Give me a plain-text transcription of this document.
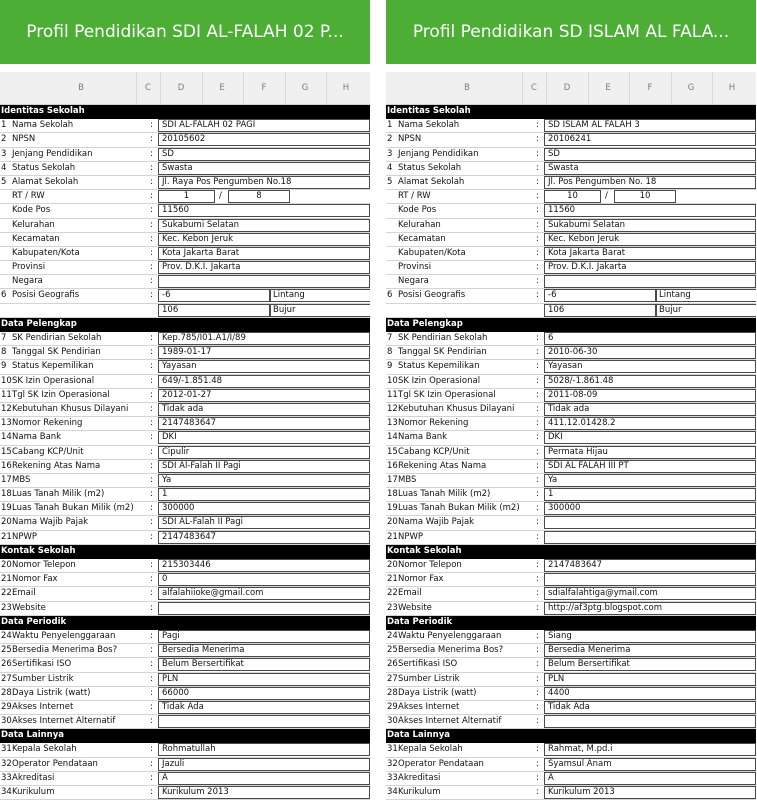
Profil Pendidikan SDI AL-FALAH 02 P...
B	C	D	E	F	G	H
Identitas Sekolah
1 Nama Sekolah	:	SDI AL-FALAH 02 PAGI
2 NPSN	:	20105602
3 Jenjang Pendidikan	:	SD
4 Status Sekolah	:	Swasta
5 Alamat Sekolah	:	Jl. Raya Pos Pengumben No.18
RT / RW	:	1	/	8
Kode Pos	:	11560
Kelurahan	:	Sukabumi Selatan
Kecamatan	:	Kec. Kebon Jeruk
Kabupaten/Kota	:	Kota Jakarta Barat
Provinsi	:	Prov. D.K.I. Jakarta
Negara	:
6 Posisi Geografis	:	-6	Lintang
106	Bujur
Data Pelengkap
7 SK Pendirian Sekolah	:	Kep.785/I01.A1/I/89
8 Tanggal SK Pendirian	:	1989-01-17
9 Status Kepemilikan	:	Yayasan
10 SK Izin Operasional	:	649/-1.851.48
11 Tgl SK Izin Operasional	:	2012-01-27
12 Kebutuhan Khusus Dilayani	:	Tidak ada
13 Nomor Rekening	:	2147483647
14 Nama Bank	:	DKI
15 Cabang KCP/Unit	:	Cipulir
16 Rekening Atas Nama	:	SDI Al-Falah II Pagi
17 MBS	:	Ya
18 Luas Tanah Milik (m2)	:	1
19 Luas Tanah Bukan Milik (m2) :	300000
20 Nama Wajib Pajak	:	SDI AL-Falah II Pagi
21 NPWP	:	2147483647
Kontak Sekolah
20 Nomor Telepon	:	215303446
21 Nomor Fax	:	0
22 Email	:	alfalahiioke@gmail.com
23 Website	:
Data Periodik
24 Waktu Penyelenggaraan	:	Pagi
25 Bersedia Menerima Bos?	:	Bersedia Menerima
26 Sertifikasi ISO	:	Belum Bersertifikat
27 Sumber Listrik	:	PLN
28 Daya Listrik (watt)	:	66000
29 Akses Internet	:	Tidak Ada
30 Akses Internet Alternatif	:
Data Lainnya
31 Kepala Sekolah	:	Rohmatullah
32 Operator Pendataan	:	Jazuli
33 Akreditasi	:	A
34 Kurikulum	:	Kurikulum 2013
Profil Pendidikan SD ISLAM AL FALA...
B	C	D	E	F	G	H
Identitas Sekolah
1 Nama Sekolah	:	SD ISLAM AL FALAH 3
2 NPSN	:	20106241
3 Jenjang Pendidikan	:	SD
4 Status Sekolah	:	Swasta
5 Alamat Sekolah	:	Jl. Pos Pengumben No. 18
RT / RW	:	10	/	10
Kode Pos	:	11560
Kelurahan	:	Sukabumi Selatan
Kecamatan	:	Kec. Kebon Jeruk
Kabupaten/Kota	:	Kota Jakarta Barat
Provinsi	:	Prov. D.K.I. Jakarta
Negara	:
6 Posisi Geografis	:	-6	Lintang
106	Bujur
Data Pelengkap
7 SK Pendirian Sekolah	:	6
8 Tanggal SK Pendirian	:	2010-06-30
9 Status Kepemilikan	:	Yayasan
10 SK Izin Operasional	:	5028/-1.861.48
11 Tgl SK Izin Operasional	:	2011-08-09
12 Kebutuhan Khusus Dilayani	:	Tidak ada
13 Nomor Rekening	:	411.12.01428.2
14 Nama Bank	:	DKI
15 Cabang KCP/Unit	:	Permata Hijau
16 Rekening Atas Nama	:	SDI AL FALAH III PT
17 MBS	:	Ya
18 Luas Tanah Milik (m2)	:	1
19 Luas Tanah Bukan Milik (m2) :	300000
20 Nama Wajib Pajak	:
21 NPWP	:
Kontak Sekolah
20 Nomor Telepon	:	2147483647
21 Nomor Fax	:
22 Email	:	sdialfalahtiga@ymail.com
23 Website	:	http://af3ptg.blogspot.com
Data Periodik
24 Waktu Penyelenggaraan	:	Siang
25 Bersedia Menerima Bos?	:	Bersedia Menerima
26 Sertifikasi ISO	:	Belum Bersertifikat
27 Sumber Listrik	:	PLN
28 Daya Listrik (watt)	:	4400
29 Akses Internet	:	Tidak Ada
30 Akses Internet Alternatif	:
Data Lainnya
31 Kepala Sekolah	:	Rahmat, M.pd.i
32 Operator Pendataan	:	Syamsul Anam
33 Akreditasi	:	A
34 Kurikulum	:	Kurikulum 2013
